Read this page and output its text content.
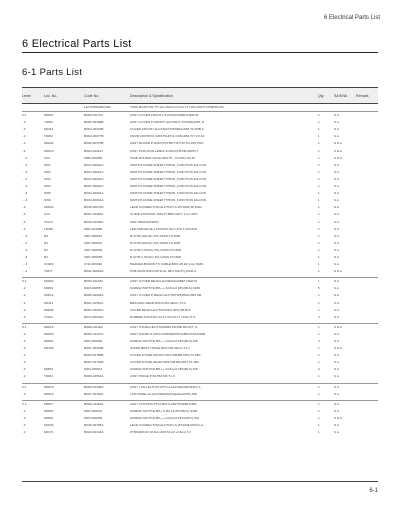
6 Electrical Parts List
6 Electrical Parts List
6-1 Parts List
Level	Loc. No.	Code No.	Description & Specification	Qty	SA/SNA	Remark
		LE17MHSMBXXEC	TWIN MONITOR TTI-LE-UN2LT17CLD 17"LCD MONT MSMHPLAN			
0.1	M0001	BN96-01107A	ASSY COVER FRONT-LS170ANGS/BET,NEW M	1	S.A	
..2	T0003	BN68-00488B	ASSY COVER P-FRONT LE170ALS TWIN/BLK/B3, H	1	S.A	
..2	M0112	BN64-00223B	COVER-FRONT LE17ANA/TWIN/BLK/AB3.T0,SHB.3	1	S.A	
..2	T0002	BN64-00077B	KNOB CONTROL;NW17SUPC1,CDM,ABS,TO V,0.10.	1	S.A	
..3	M0002	BN96-00478B	ASSY BOARD P-NW17PUTMP-HF/T10,TFUNCTION	1	S.N.A	
..4	M0019	BN94-01022J	ASSY PCB MAIN-LE5DA,FUNCN,HPCB-MIRTF7	1	S.N.A	
....4	C50	0855-000659	TAPE-DOUBLE FACE;NW17P,..,NT100,LSS.87	1	S.N.A	
....4	SW1	BN34-00001A	SWITCH-DOME SHEET;HYBON_FUNCTION FALCON	1	S.A	
....4	SW2	BN34-00001A	SWITCH-DOME SHEET;HYBON_FUNCTION FALCON	1	S.A	
....4	SW3	BN34-00001A	SWITCH-DOME SHEET;HYBON_FUNCTION FALCON	1	S.A	
....4	SW4	BN34-00001A	SWITCH-DOME SHEET;HYBON_FUNCTION FALCON	1	S.A	
....4	SW5	BN34-00001A	SWITCH-DOME SHEET;HYBON_FUNCTION FALCON	1	S.A	
....4	SW6	BN34-00001A	SWITCH-DOME SHEET;HYBON_FUNCTION FALCON	1	S.A	
..4	M0003	BN39-00078A	LEAD CONNECTOR;LE17HAT,UL1571#28,4P,160m	1	S.A	
..4	C40	BN61-01966A	GUIDE-CONTROL;NW17T,BRD,NE77,1.0,1.0DV	1	S.A	
..4	T0174	BN39-01636A	ASSY-BMS/W/HPDV	1	S.A	
..4	LD400	0601-001886	LED;SMD,BLUE,1.6X0.8X0.6mm,470,1.6X0.8X0	1	S.A	
....4	R3	2007-000691	R-CHIP;10Kohm,5%,1/16W,TP,1608	1	S.A	
....4	R4	2007-000691	R-CHIP;10Kohm,5%,1/16W,TP,1608	1	S.A	
....4	R1	2007-000635	R-CHIP;1.5Kohm,5%,1/16W,TP,1608	1	S.A	
....4	R2	2007-000635	R-CHIP;1.5Kohm,5%,1/16W,TP,1608	1	S.A	
....4	CN200	3711-006393	HEADER-BOARD TO CABLE;BOX,4P,1R,1mm,SMD-	1	S.A	
....4	T0677	BN41-00620A	PCB-MAIN;NW17LPHA,3L,MP1.0(0.4T),WCR-4	1	S.N.A	

0.1	M0002	BN96-01118A	ASSY COVER REAR;LE17MANGS/BET,NEW M	1	S.A	
..2	M0861	6003-000557	SCREW-TAPTITE;BH+,+,S,M4,L8,ZPC(BLK),SWR	5	S.A	
..2	M0012	BN96-04692A	ASSY COVER P-REAR;LE17HATWIN/BLK/AB3,SB	1	S.A	
..2	M0113	BN61-01581A	BRACKET-REAR;NW17LB3,SECC,T1.0	1	S.A	
..2	M0096	BN63-03024A	COVER-REAR;LE17HATWIN,HIPS,HB,BLK	1	S.A	
..2	T0102	BN73-00049A	RUBBER-FOOT;NO.10,17.00,CR,17.1X20,T1.5	4	S.A	

0.1	M0016	BN96-01140A	ASSY STAND;LE17HA/MNB3,MP,WE,BCOPT; S	1	S.N.A	
..2	M0003	BN96-01447C	ASSY STAND P;NW17AS/BNEPHPIJABNOCSTANDB	1	S.A	
..2	M0861	6003-000566	SCREW-TAPTITE;BH+,+,S,M4,L8,ZPC(BLK),SW	4	S.A	
..2	M0106	BN61-05603B	STAND-BRKT HINGE;NW17B3,SECC,T1.2	1	S.N.A	
..2		BN63-01788B	COVER-STAND FRONT;NW17ABJB3,MP3,T2.0B3	1	S.A	
..2		BN63-01790B	COVER-STAND REAR;NW17ABJB3,MP3,T3.7B3	1	S.A	
..2	M0861	6003-000513	SCREW-TAPTITE;BH+,+,S,M4,L8,ZPC(BLK),SW	2	S.A	
..2	T0004	BN96-04652A	ASSY HINGE P;N17B3,MS T1.0	1	S.A	

0.1	M0018	BN96-01348A	ASSY LCD;LE17HAT,CPT,CLAA170EA06(INNF1-S	1	S.A	
..2	M0015	BN07-00326A	LCD-PANEL;CLAA170EA06(Chiquitted/PPC,550	1	S.A	

0.1	M0017	BN96-01364A	ASSY CHASSIS-PTZ;NW17LCM/TWIN/BLK/MS	1	S.A	
..2	M0861	6003-000516	SCREW-TAPTITE;BH+,S,M4,L6,ZPC(BLK),SWR	1	S.A	
..2	M0861	6003-000459	SCREW-TAPTITE;BH+,+,S,M4,L8,ZPC(WHT),SW	1	S.N.A	
..2	M0003	BN39-00785A	LEAD CONNECTOR;LE17HAT,UL1571#28,MLD3,LA	1	S.A	
..2	M0174	BN44-00144A	IP BOARD;IP-18-NA-GW1T2-22 +0.6mA T.2	1	S.A	
6-1
